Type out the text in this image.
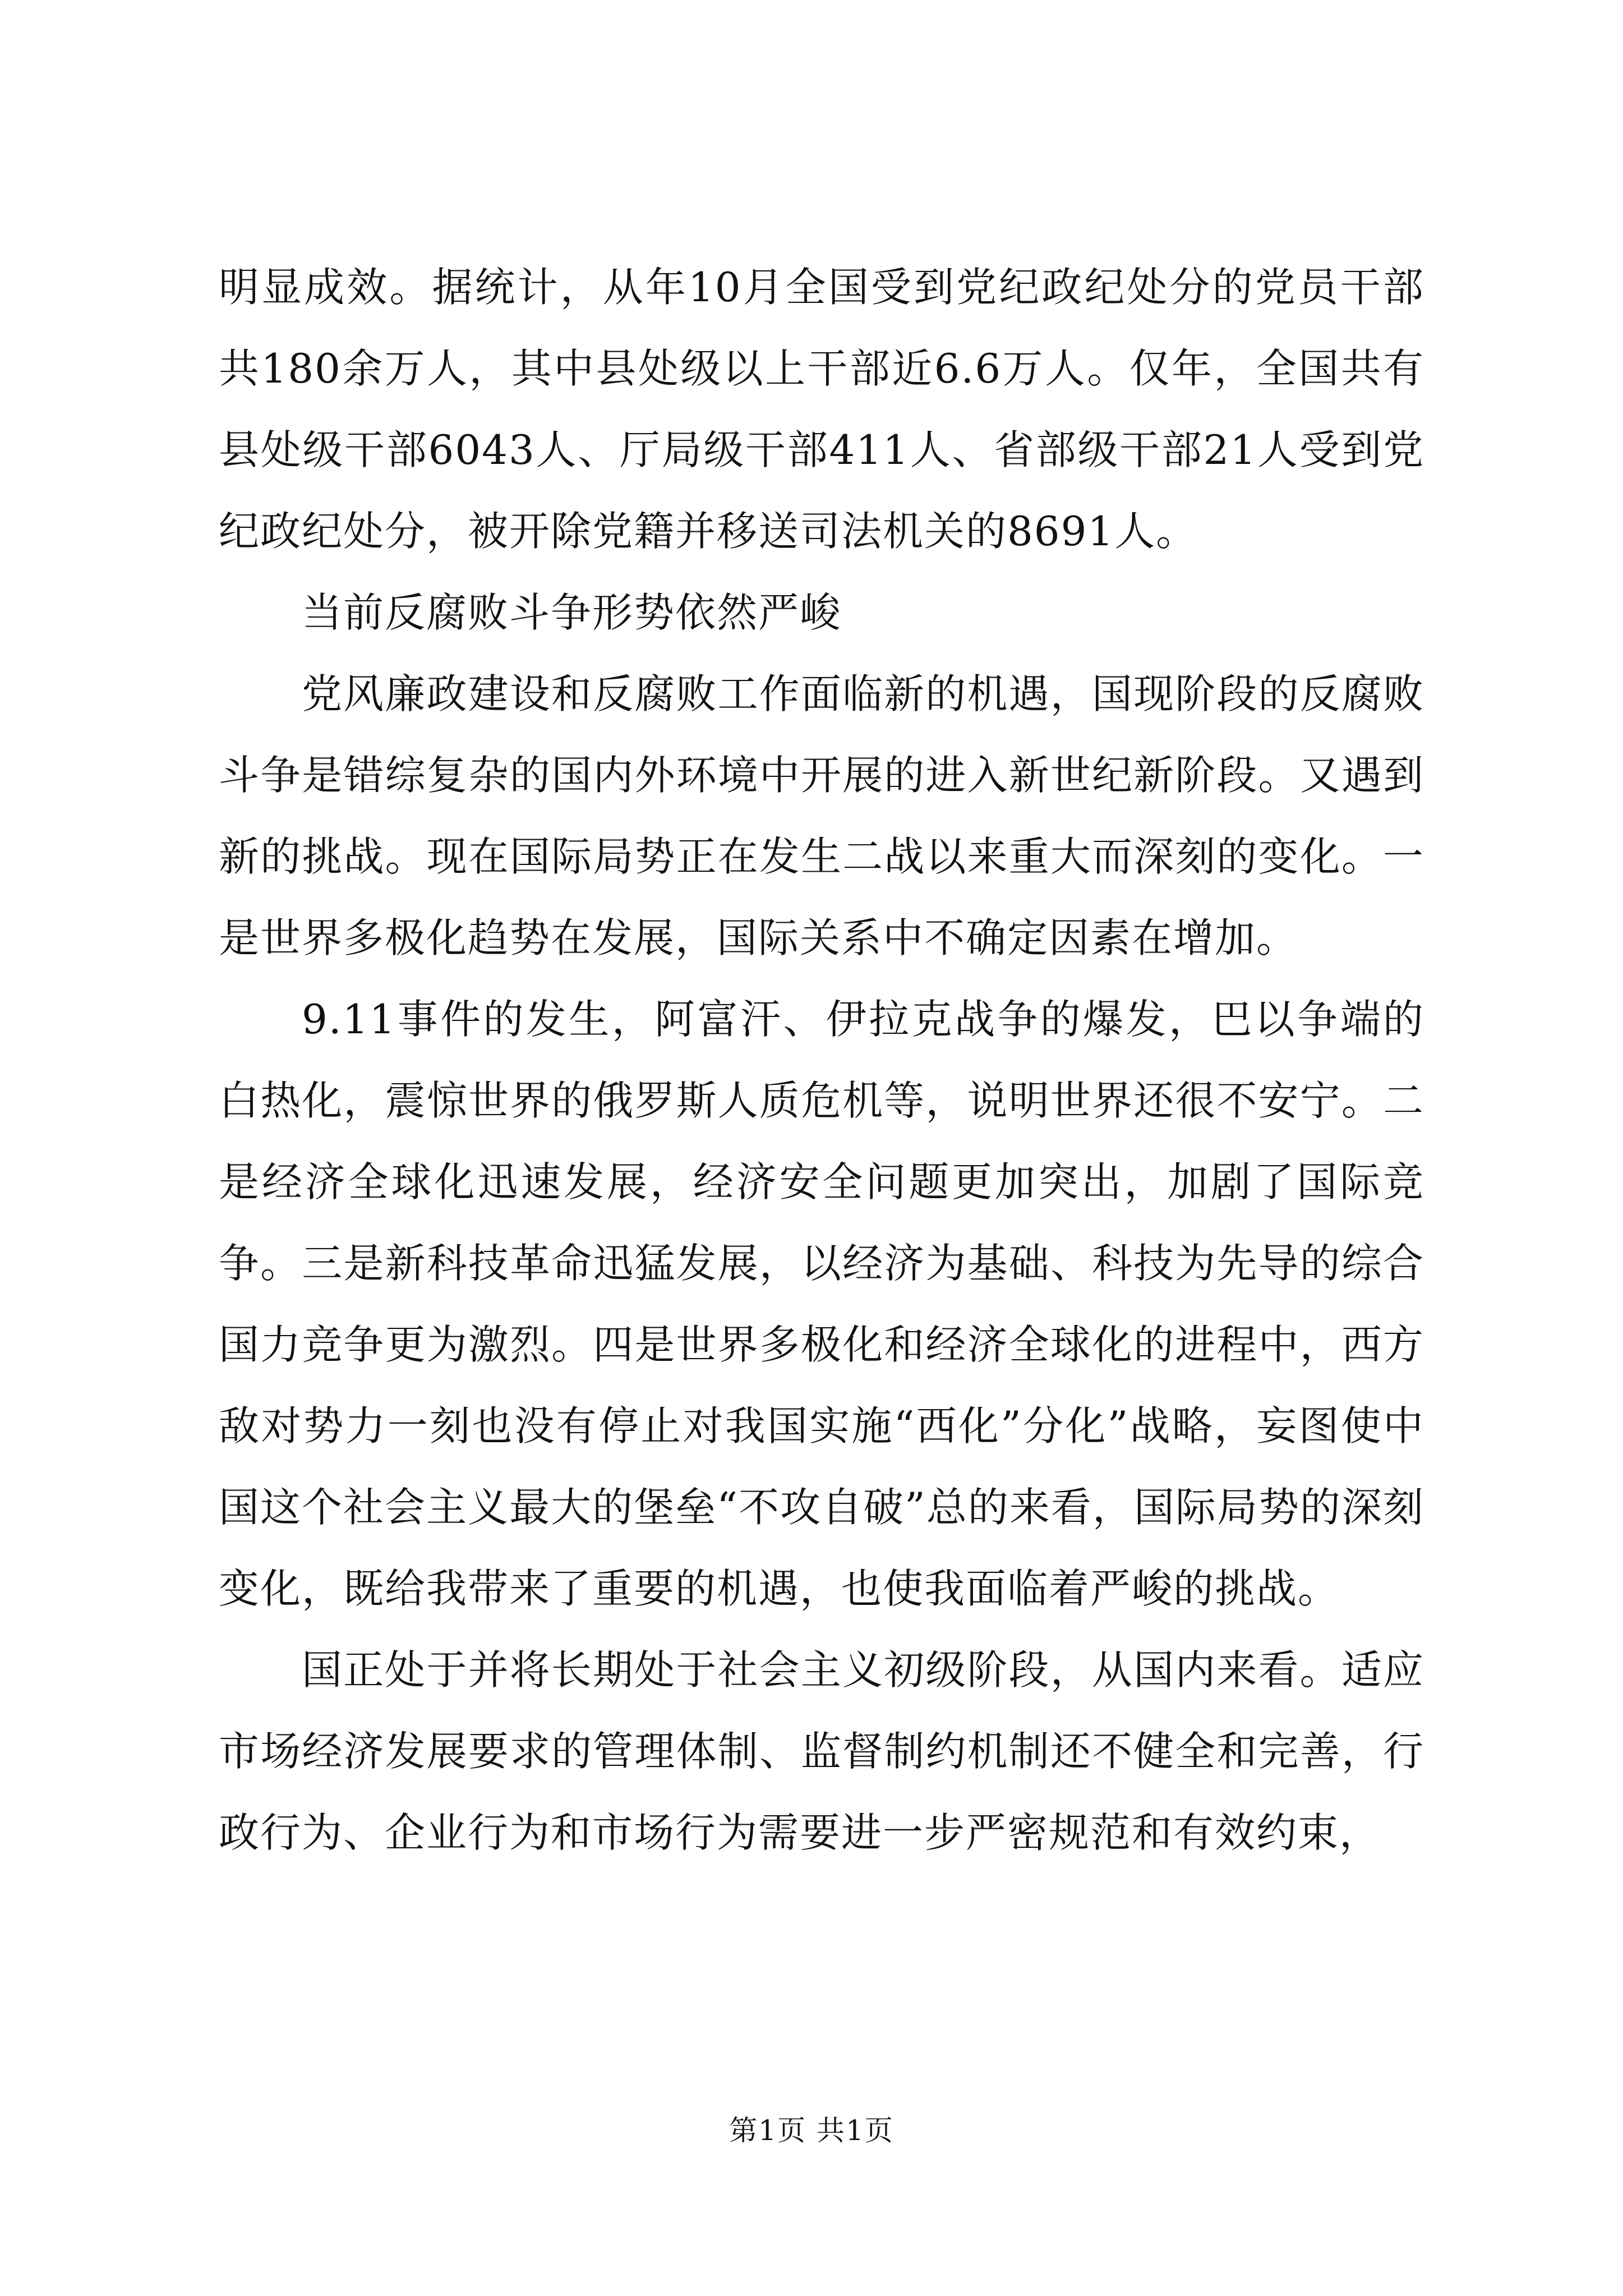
明显成效。据统计，从年10月全国受到党纪政纪处分的党员干部共180余万人，其中县处级以上干部近6.6万人。仅年，全国共有县处级干部6043人、厅局级干部411人、省部级干部21人受到党纪政纪处分，被开除党籍并移送司法机关的8691人。

当前反腐败斗争形势依然严峻

党风廉政建设和反腐败工作面临新的机遇，国现阶段的反腐败斗争是错综复杂的国内外环境中开展的进入新世纪新阶段。又遇到新的挑战。现在国际局势正在发生二战以来重大而深刻的变化。一是世界多极化趋势在发展，国际关系中不确定因素在增加。

9.11事件的发生，阿富汗、伊拉克战争的爆发，巴以争端的白热化，震惊世界的俄罗斯人质危机等，说明世界还很不安宁。二是经济全球化迅速发展，经济安全问题更加突出，加剧了国际竞争。三是新科技革命迅猛发展，以经济为基础、科技为先导的综合国力竞争更为激烈。四是世界多极化和经济全球化的进程中，西方敌对势力一刻也没有停止对我国实施“西化”分化”战略，妄图使中国这个社会主义最大的堡垒“不攻自破”总的来看，国际局势的深刻变化，既给我带来了重要的机遇，也使我面临着严峻的挑战。

国正处于并将长期处于社会主义初级阶段，从国内来看。适应市场经济发展要求的管理体制、监督制约机制还不健全和完善，行政行为、企业行为和市场行为需要进一步严密规范和有效约束，

第1页 共1页
